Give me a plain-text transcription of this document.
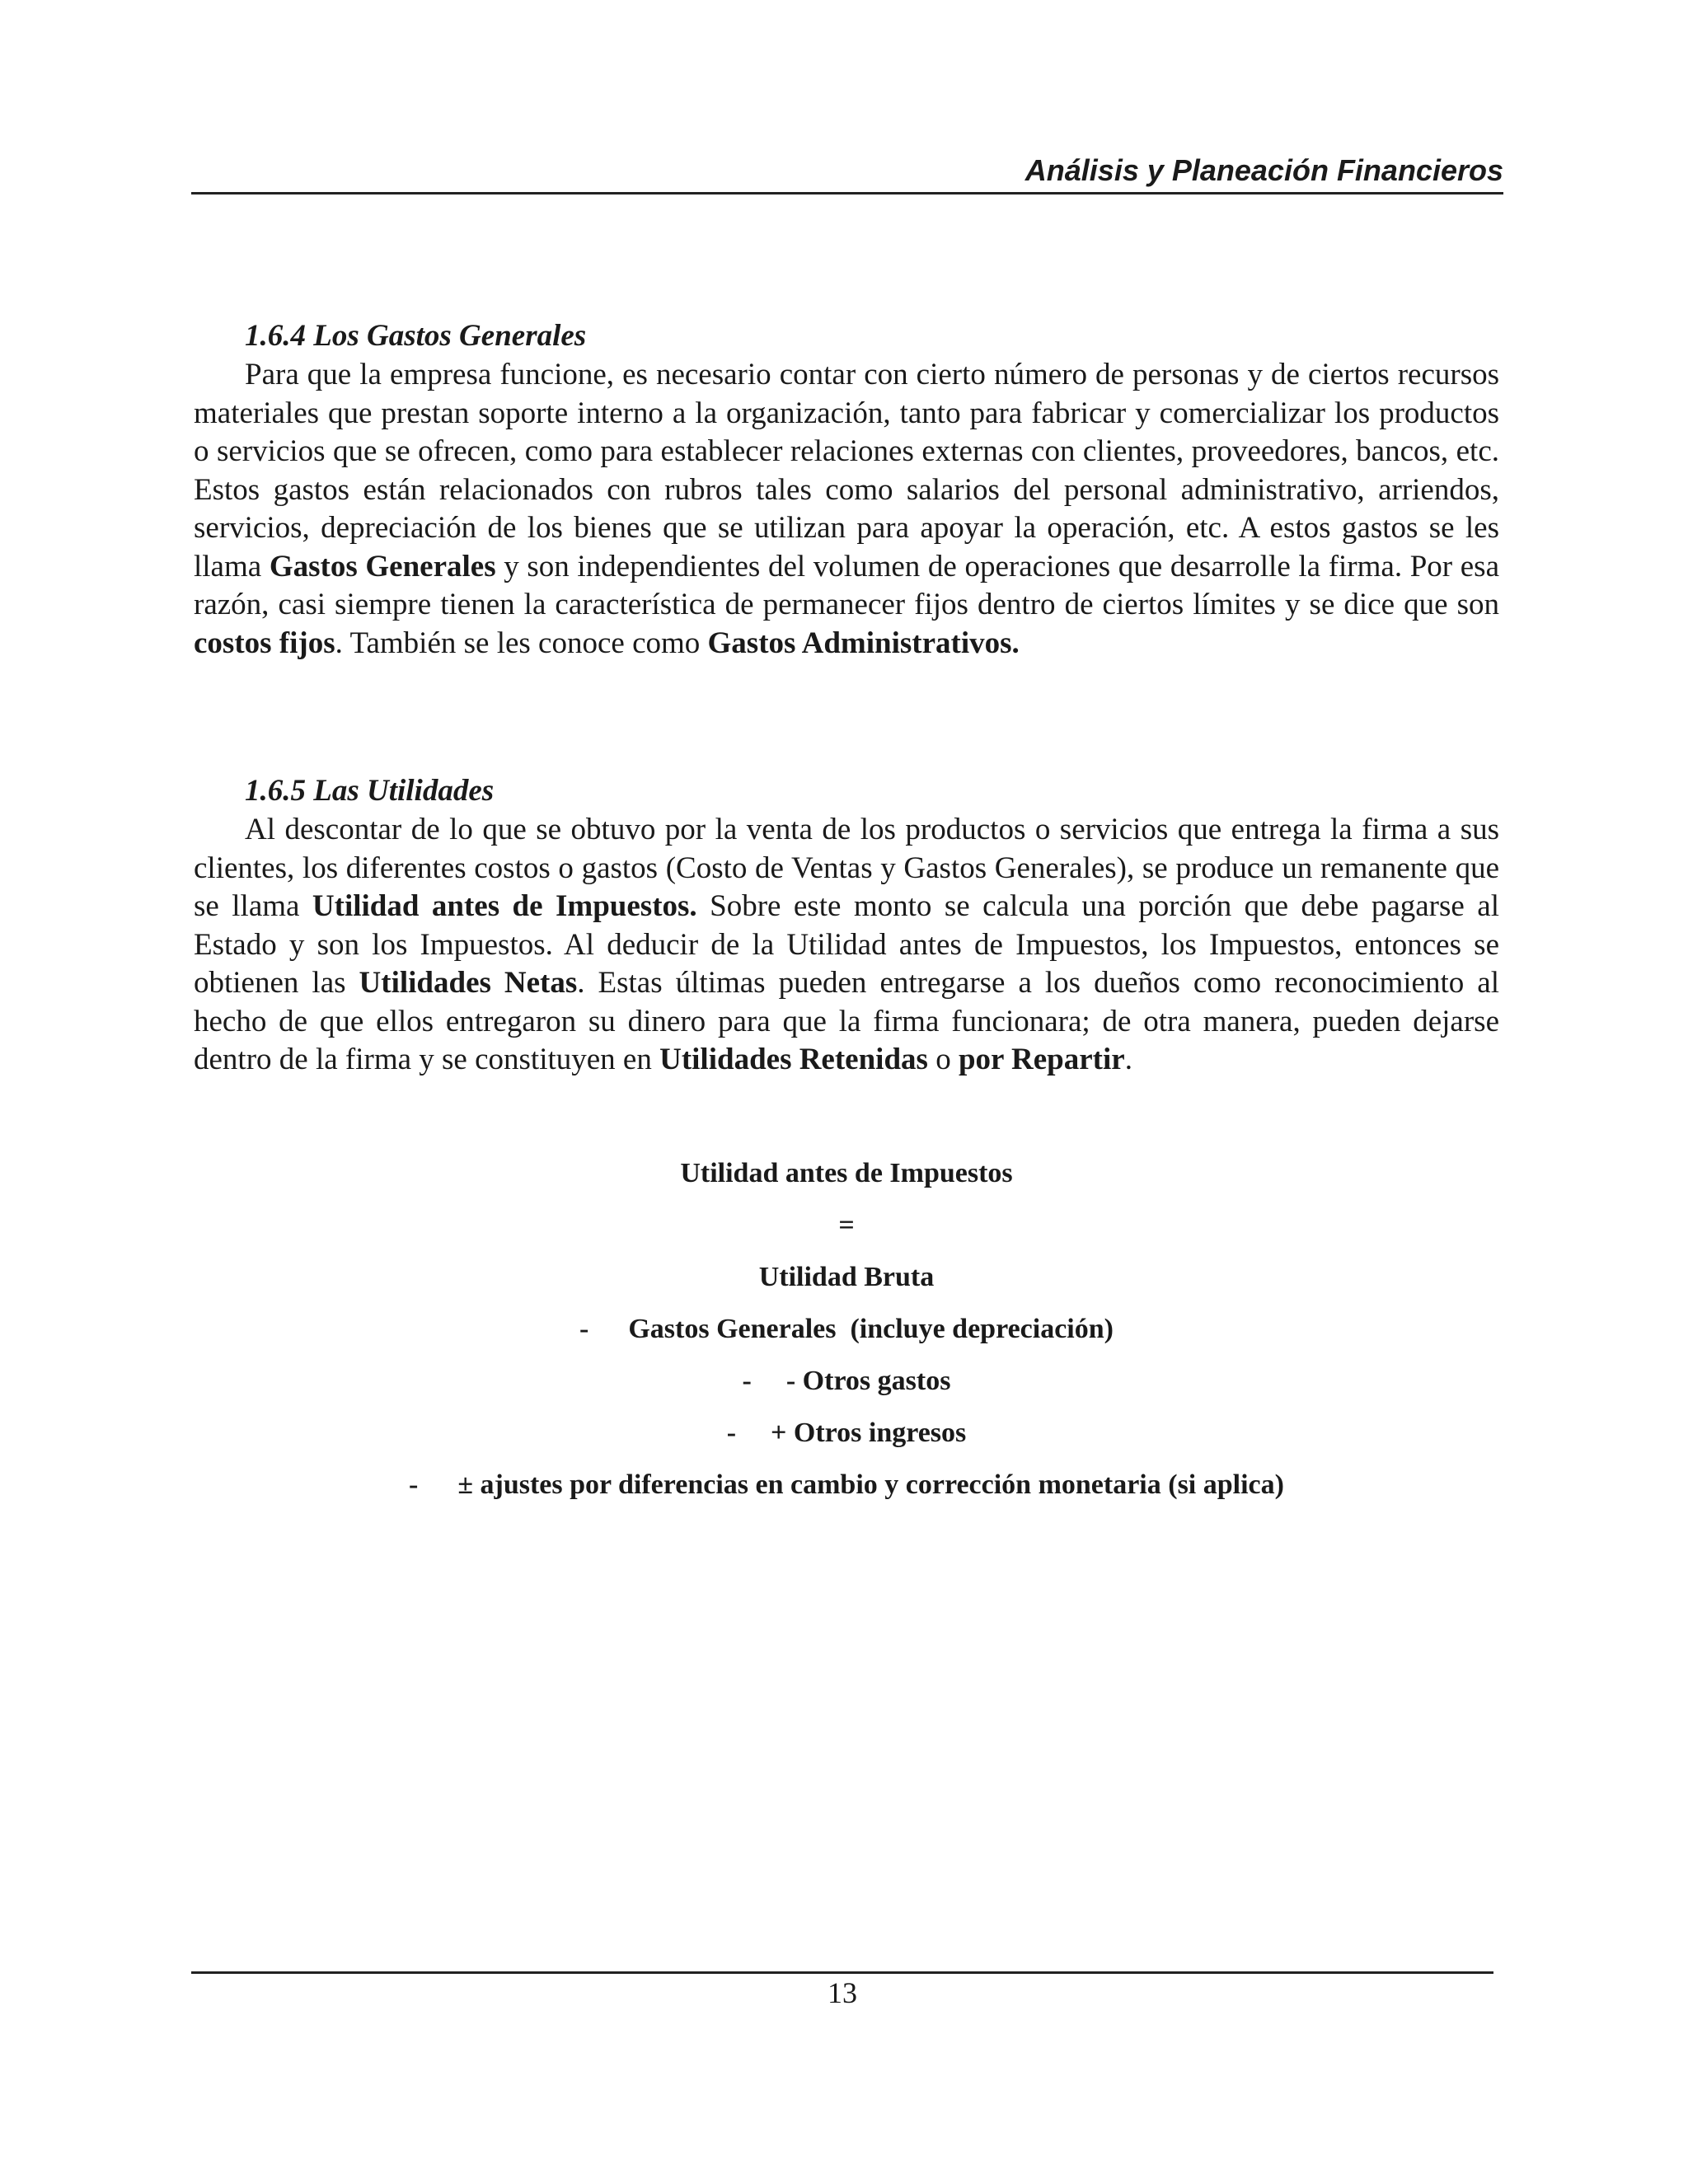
Análisis y Planeación Financieros
1.6.4 Los Gastos Generales

Para que la empresa funcione, es necesario contar con cierto número de personas y de ciertos recursos materiales que prestan soporte interno a la organización, tanto para fabricar y comercializar los productos o servicios que se ofrecen, como para establecer relaciones externas con clientes, proveedores, bancos, etc. Estos gastos están relacionados con rubros tales como salarios del personal administrativo, arriendos, servicios, depreciación de los bienes que se utilizan para apoyar la operación, etc. A estos gastos se les llama Gastos Generales y son independientes del volumen de operaciones que desarrolle la firma. Por esa razón, casi siempre tienen la característica de permanecer fijos dentro de ciertos límites y se dice que son costos fijos. También se les conoce como Gastos Administrativos.

1.6.5 Las Utilidades

Al descontar de lo que se obtuvo por la venta de los productos o servicios que entrega la firma a sus clientes, los diferentes costos o gastos (Costo de Ventas y Gastos Generales), se produce un remanente que se llama Utilidad antes de Impuestos. Sobre este monto se calcula una porción que debe pagarse al Estado y son los Impuestos. Al deducir de la Utilidad antes de Impuestos, los Impuestos, entonces se obtienen las Utilidades Netas. Estas últimas pueden entregarse a los dueños como reconocimiento al hecho de que ellos entregaron su dinero para que la firma funcionara; de otra manera, pueden dejarse dentro de la firma y se constituyen en Utilidades Retenidas o por Repartir.

Utilidad antes de Impuestos
=
Utilidad Bruta
- Gastos Generales  (incluye depreciación)
- - Otros gastos
- + Otros ingresos
- ± ajustes por diferencias en cambio y corrección monetaria (si aplica)
13
